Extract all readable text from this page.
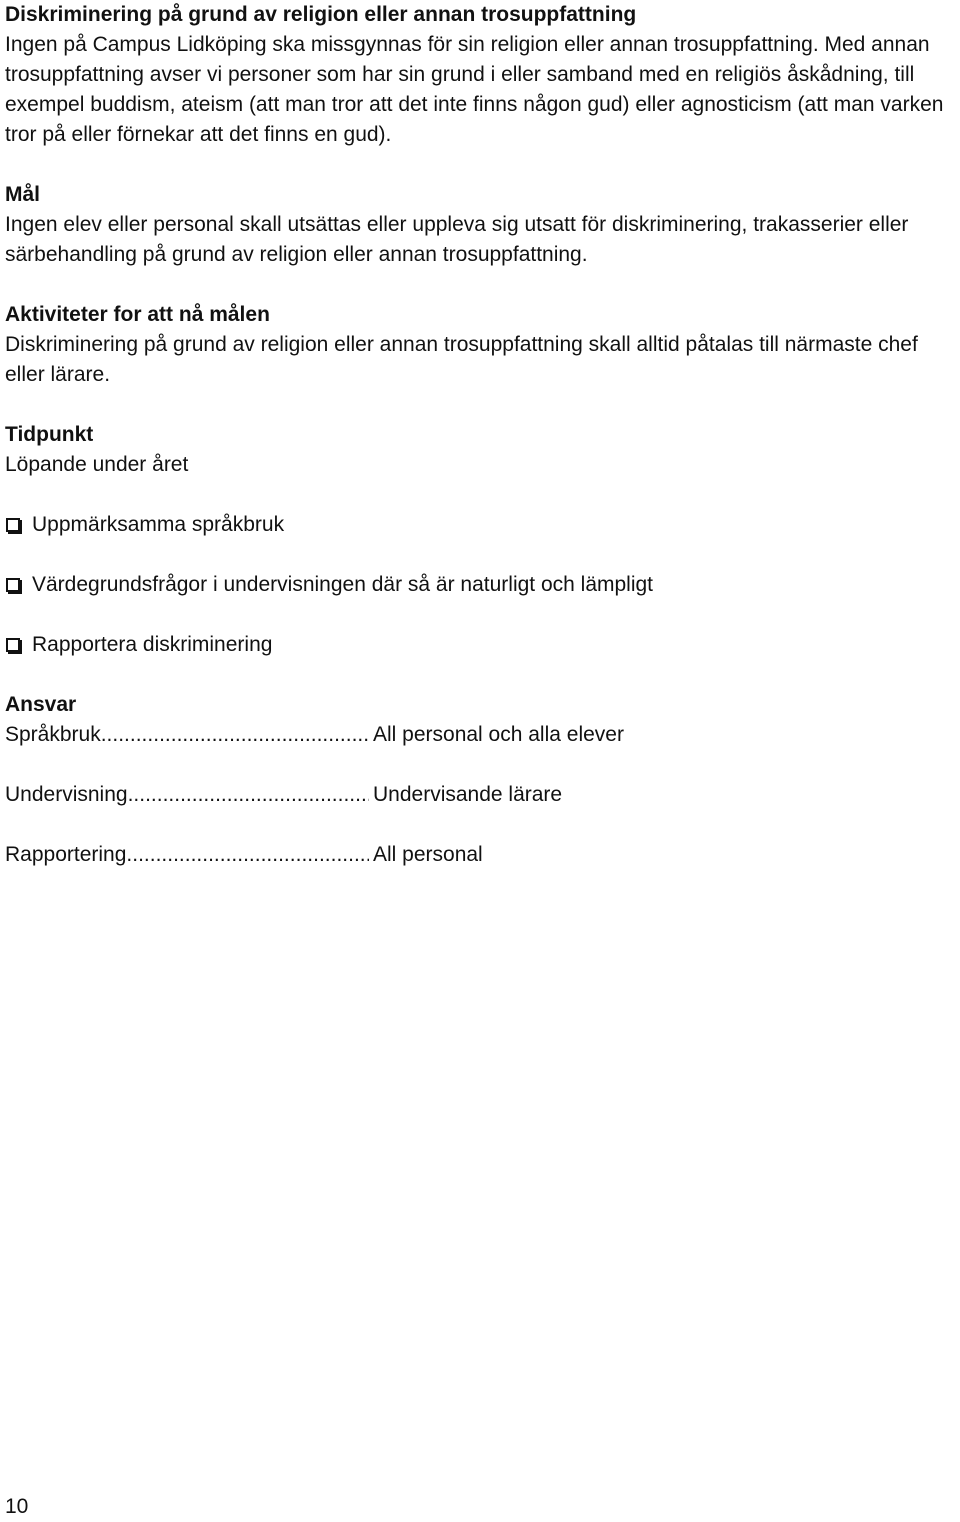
Diskriminering på grund av religion eller annan trosuppfattning

Ingen på Campus Lidköping ska missgynnas för sin religion eller annan trosuppfattning. Med annan trosuppfattning avser vi personer som har sin grund i eller samband med en religiös åskådning, till exempel buddism, ateism (att man tror att det inte finns någon gud) eller agnosticism (att man varken tror på eller förnekar att det finns en gud).

Mål

Ingen elev eller personal skall utsättas eller uppleva sig utsatt för diskriminering, trakasserier eller särbehandling på grund av religion eller annan trosuppfattning.

Aktiviteter for att nå målen

Diskriminering på grund av religion eller annan trosuppfattning skall alltid påtalas till närmaste chef eller lärare.

Tidpunkt

Löpande under året

Uppmärksamma språkbruk
Värdegrundsfrågor i undervisningen där så är naturligt och lämpligt
Rapportera diskriminering

Ansvar

Språkbruk .....	All personal och alla elever
Undervisning .....	Undervisande lärare
Rapportering .....	All personal
10
